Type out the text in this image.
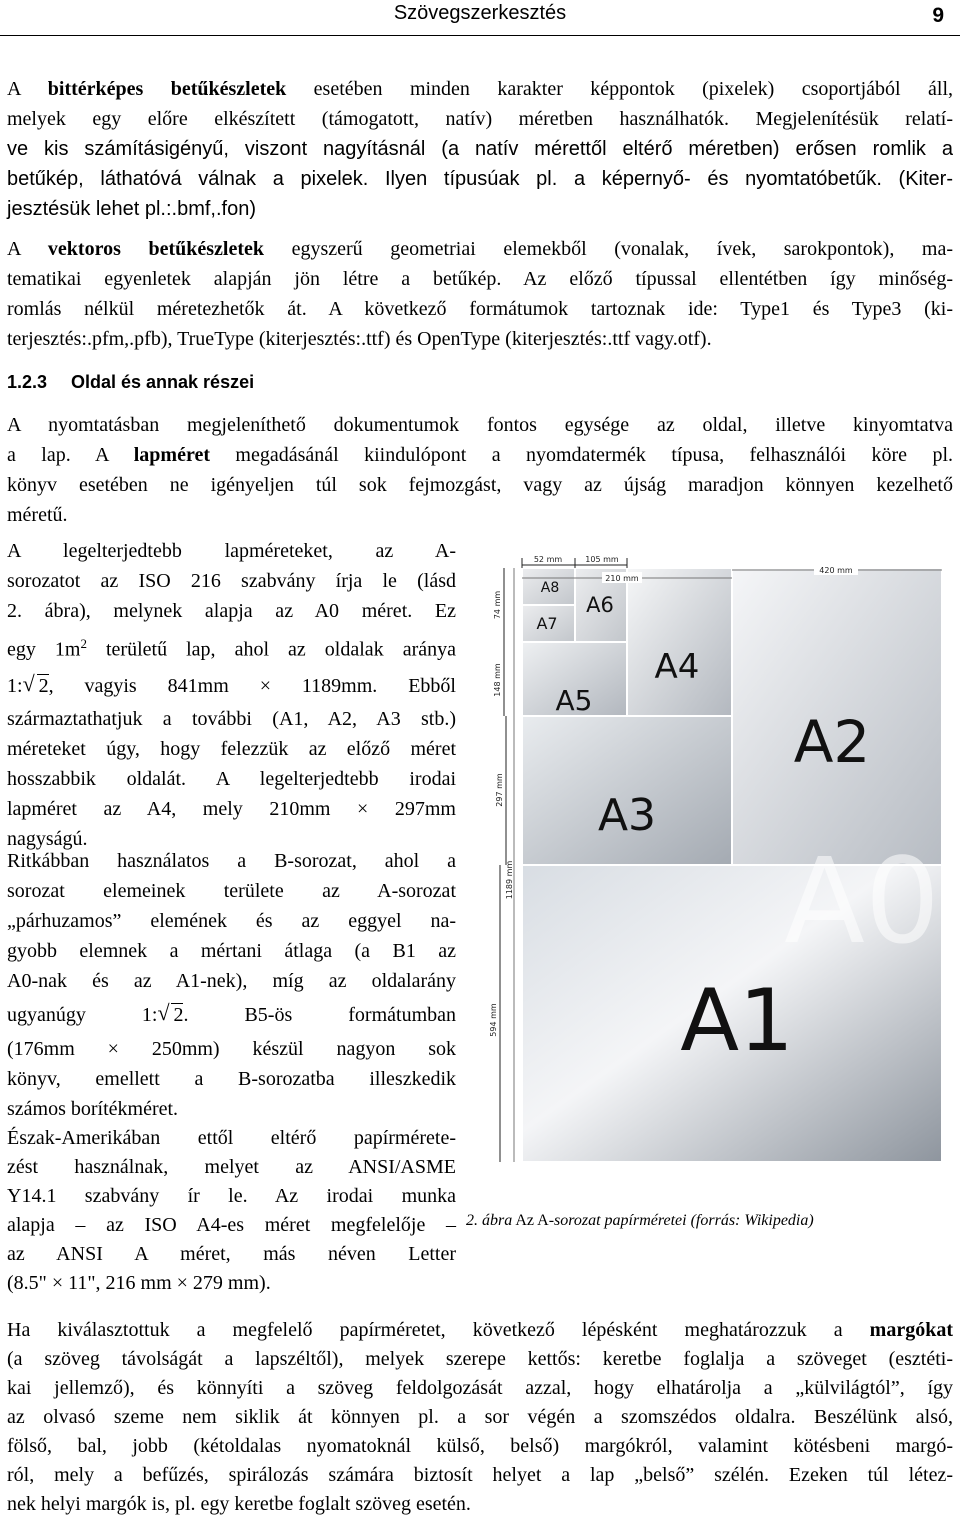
Szövegszerkesztés	9
A bittérképes betűkészletek esetében minden karakter képpontok (pixelek) csoportjából áll,
melyek egy előre elkészített (támogatott, natív) méretben használhatók. Megjelenítésük relatí-
ve kis számításigényű, viszont nagyításnál (a natív mérettől eltérő méretben) erősen romlik a
betűkép, láthatóvá válnak a pixelek. Ilyen típusúak pl. a képernyő- és nyomtatóbetűk. (Kiter-
jesztésük lehet pl.:.bmf,.fon)
A vektoros betűkészletek egyszerű geometriai elemekből (vonalak, ívek, sarokpontok), ma-
tematikai egyenletek alapján jön létre a betűkép. Az előző típussal ellentétben így minőség-
romlás nélkül méretezhetők át. A következő formátumok tartoznak ide: Type1 és Type3 (ki-
terjesztés:.pfm,.pfb), TrueType (kiterjesztés:.ttf) és OpenType (kiterjesztés:.ttf vagy.otf).
1.2.3 Oldal és annak részei
A nyomtatásban megjeleníthető dokumentumok fontos egysége az oldal, illetve kinyomtatva
a lap. A lapméret megadásánál kiindulópont a nyomdatermék típusa, felhasználói köre pl.
könyv esetében ne igényeljen túl sok fejmozgást, vagy az újság maradjon könnyen kezelhető
méretű.
A legelterjedtebb lapméreteket, az A-
sorozatot az ISO 216 szabvány írja le (lásd
2. ábra), melynek alapja az A0 méret. Ez
egy $1m^2$ területű lap, ahol az oldalak aránya
1: √ 2, vagyis 841mm × 1189mm. Ebből
származtathatjuk a további (A1, A2, A3 stb.)
méreteket úgy, hogy felezzük az előző méret
hosszabbik oldalát. A legelterjedtebb irodai
lapméret az A4, mely 210mm × 297mm
nagyságú.
Ritkábban használatos a B-sorozat, ahol a
sorozat elemeinek területe az A-sorozat
„párhuzamos” elemének és az eggyel na-
gyobb elemnek a mértani átlaga (a B1 az
A0-nak és az A1-nek), míg az oldalarány
ugyanúgy 1: √ 2. B5-ös formátumban
(176mm × 250mm) készül nagyon sok
könyv, emellett a B-sorozatba illeszkedik
számos borítékméret.
Észak-Amerikában ettől eltérő papírmérete-
zést használnak, melyet az ANSI/ASME
Y14.1 szabvány ír le. Az irodai munka
alapja – az ISO A4-es méret megfelelője –
az ANSI A méret, más néven Letter
(8.5" × 11", 216 mm × 279 mm).
A8
A7
A6
A5
A4
A3
A2
A0
A1
52 mm	105 mm
210 mm
420 mm
74 mm
148 mm
297 mm
594 mm
1189 mm
2. ábra Az A-sorozat papírméretei (forrás: Wikipedia)
Ha kiválasztottuk a megfelelő papírméretet, következő lépésként meghatározzuk a margókat
(a szöveg távolságát a lapszéltől), melyek szerepe kettős: keretbe foglalja a szöveget (esztéti-
kai jellemző), és könnyíti a szöveg feldolgozását azzal, hogy elhatárolja a „külvilágtól”, így
az olvasó szeme nem siklik át könnyen pl. a sor végén a szomszédos oldalra. Beszélünk alsó,
fölső, bal, jobb (kétoldalas nyomatoknál külső, belső) margókról, valamint kötésbeni margó-
ról, mely a befűzés, spirálozás számára biztosít helyet a lap „belső” szélén. Ezeken túl létez-
nek helyi margók is, pl. egy keretbe foglalt szöveg esetén.
